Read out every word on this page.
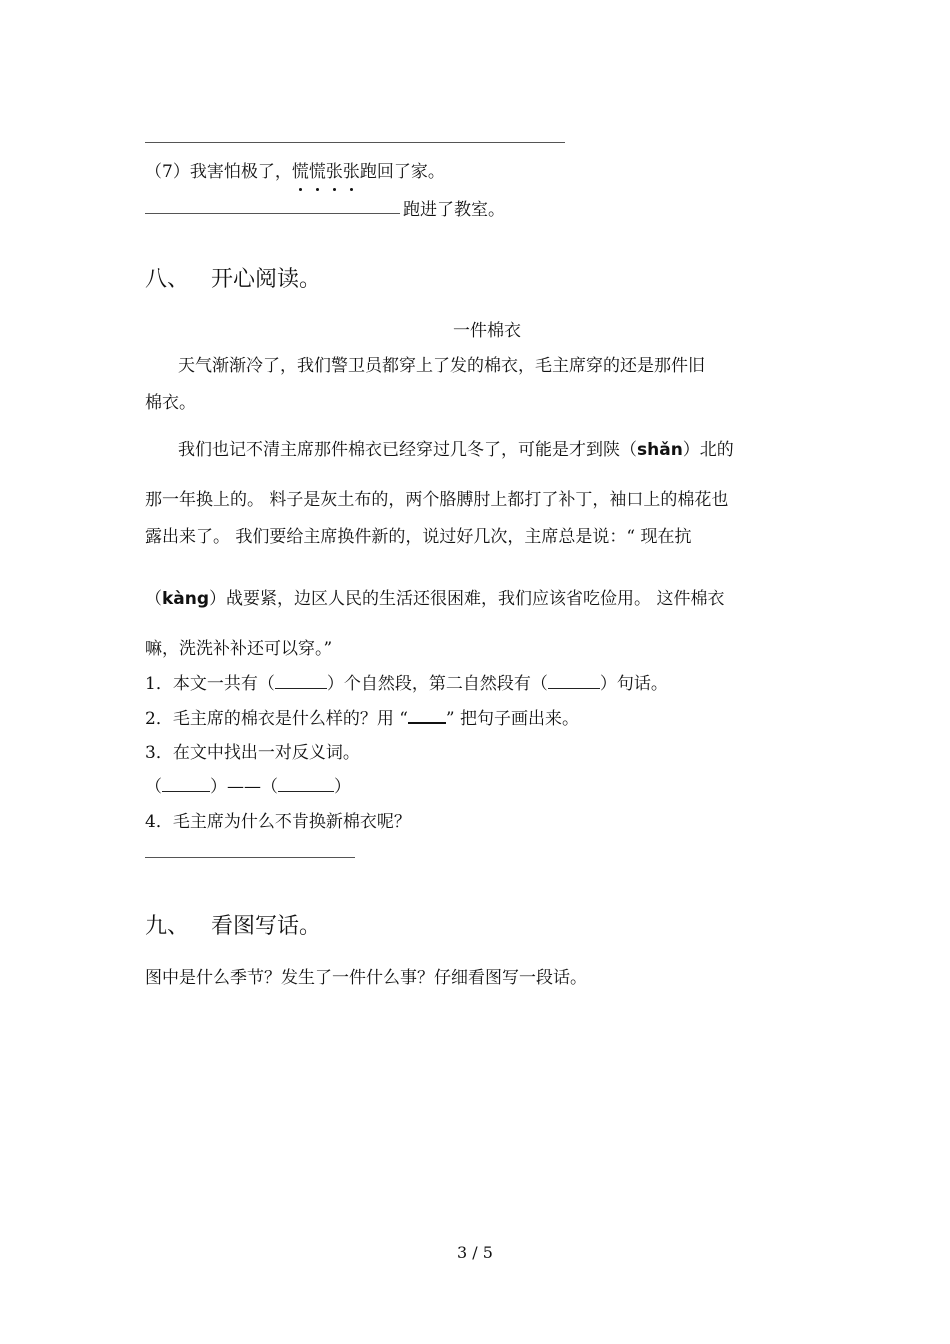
（7）我害怕极了，慌慌张张
跑回了家。
跑进了教室。
八、 开心阅读。
一件棉衣
天气渐渐冷了，我们警卫员都穿上了发的棉衣，毛主席穿的还是那件旧
棉衣。
我们也记不清主席那件棉衣已经穿过几冬了，可能是才到陕（shǎn）北的
那一年换上的。 料子是灰土布的，两个胳膊肘上都打了补丁，袖口上的棉花也
露出来了。 我们要给主席换件新的，说过好几次，主席总是说：“ 现在抗
（kàng）战要紧，边区人民的生活还很困难，我们应该省吃俭用。 这件棉衣
嘛，洗洗补补还可以穿。”
1．本文一共有（	）个自然段，第二自然段有（	）句话。
2．毛主席的棉衣是什么样的？用 “ ” 把句子画出来。
3．在文中找出一对反义词。
（	）——（	）
4．毛主席为什么不肯换新棉衣呢？
九、 看图写话。
图中是什么季节？发生了一件什么事？仔细看图写一段话。
3 / 5
